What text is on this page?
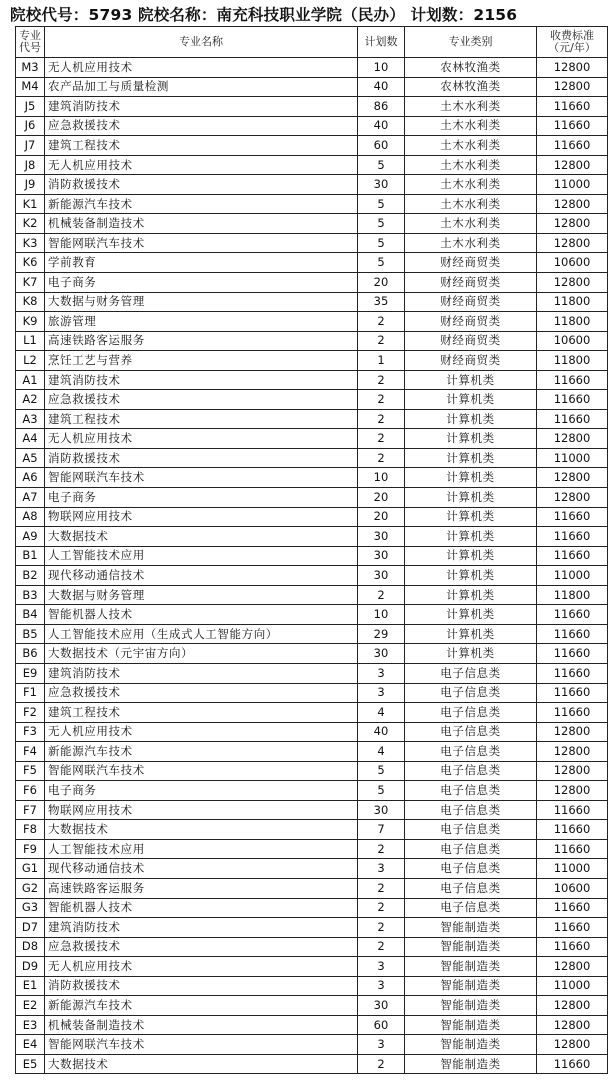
院校代号：5793 院校名称：南充科技职业学院（民办） 计划数：2156
专业
代号	专业名称	计划数	专业类别	收费标准
（元/年）
M3	无人机应用技术	10	农林牧渔类	12800
M4	农产品加工与质量检测	40	农林牧渔类	12800
J5	建筑消防技术	86	土木水利类	11660
J6	应急救援技术	40	土木水利类	11660
J7	建筑工程技术	60	土木水利类	11660
J8	无人机应用技术	5	土木水利类	12800
J9	消防救援技术	30	土木水利类	11000
K1	新能源汽车技术	5	土木水利类	12800
K2	机械装备制造技术	5	土木水利类	12800
K3	智能网联汽车技术	5	土木水利类	12800
K6	学前教育	5	财经商贸类	10600
K7	电子商务	20	财经商贸类	12800
K8	大数据与财务管理	35	财经商贸类	11800
K9	旅游管理	2	财经商贸类	11800
L1	高速铁路客运服务	2	财经商贸类	10600
L2	烹饪工艺与营养	1	财经商贸类	11800
A1	建筑消防技术	2	计算机类	11660
A2	应急救援技术	2	计算机类	11660
A3	建筑工程技术	2	计算机类	11660
A4	无人机应用技术	2	计算机类	12800
A5	消防救援技术	2	计算机类	11000
A6	智能网联汽车技术	10	计算机类	12800
A7	电子商务	20	计算机类	12800
A8	物联网应用技术	20	计算机类	11660
A9	大数据技术	30	计算机类	11660
B1	人工智能技术应用	30	计算机类	11660
B2	现代移动通信技术	30	计算机类	11000
B3	大数据与财务管理	2	计算机类	11800
B4	智能机器人技术	10	计算机类	11660
B5	人工智能技术应用（生成式人工智能方向）	29	计算机类	11660
B6	大数据技术（元宇宙方向）	30	计算机类	11660
E9	建筑消防技术	3	电子信息类	11660
F1	应急救援技术	3	电子信息类	11660
F2	建筑工程技术	4	电子信息类	11660
F3	无人机应用技术	40	电子信息类	12800
F4	新能源汽车技术	4	电子信息类	12800
F5	智能网联汽车技术	5	电子信息类	12800
F6	电子商务	5	电子信息类	12800
F7	物联网应用技术	30	电子信息类	11660
F8	大数据技术	7	电子信息类	11660
F9	人工智能技术应用	2	电子信息类	11660
G1	现代移动通信技术	3	电子信息类	11000
G2	高速铁路客运服务	2	电子信息类	10600
G3	智能机器人技术	2	电子信息类	11660
D7	建筑消防技术	2	智能制造类	11660
D8	应急救援技术	2	智能制造类	11660
D9	无人机应用技术	3	智能制造类	12800
E1	消防救援技术	3	智能制造类	11000
E2	新能源汽车技术	30	智能制造类	12800
E3	机械装备制造技术	60	智能制造类	12800
E4	智能网联汽车技术	3	智能制造类	12800
E5	大数据技术	2	智能制造类	11660
